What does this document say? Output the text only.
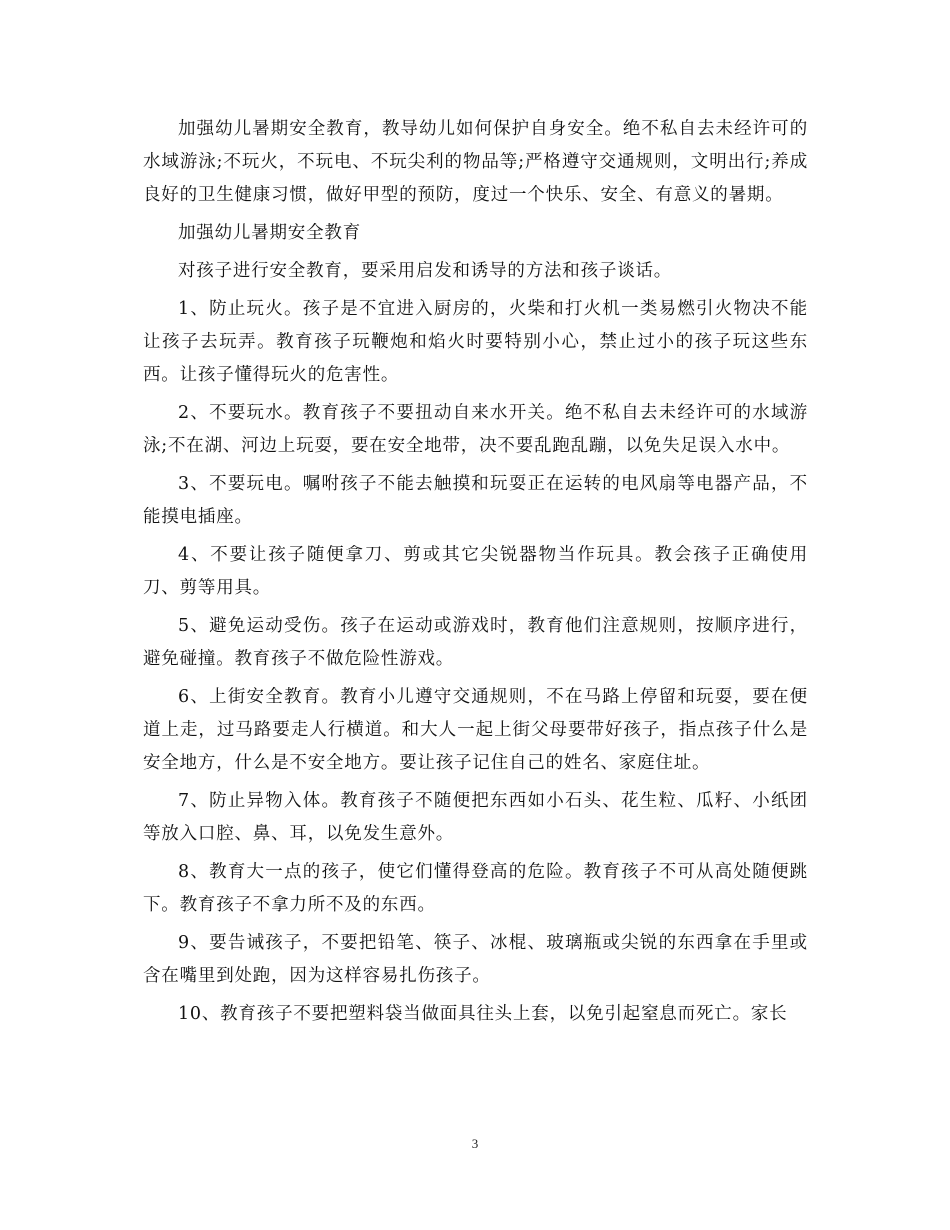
加强幼儿暑期安全教育，教导幼儿如何保护自身安全。绝不私自去未经许可的水域游泳;不玩火，不玩电、不玩尖利的物品等;严格遵守交通规则，文明出行;养成良好的卫生健康习惯，做好甲型的预防，度过一个快乐、安全、有意义的暑期。

加强幼儿暑期安全教育

对孩子进行安全教育，要采用启发和诱导的方法和孩子谈话。

1、防止玩火。孩子是不宜进入厨房的，火柴和打火机一类易燃引火物决不能让孩子去玩弄。教育孩子玩鞭炮和焰火时要特别小心，禁止过小的孩子玩这些东西。让孩子懂得玩火的危害性。

2、不要玩水。教育孩子不要扭动自来水开关。绝不私自去未经许可的水域游泳;不在湖、河边上玩耍，要在安全地带，决不要乱跑乱蹦，以免失足误入水中。

3、不要玩电。嘱咐孩子不能去触摸和玩耍正在运转的电风扇等电器产品，不能摸电插座。

4、不要让孩子随便拿刀、剪或其它尖锐器物当作玩具。教会孩子正确使用刀、剪等用具。

5、避免运动受伤。孩子在运动或游戏时，教育他们注意规则，按顺序进行，避免碰撞。教育孩子不做危险性游戏。

6、上街安全教育。教育小儿遵守交通规则，不在马路上停留和玩耍，要在便道上走，过马路要走人行横道。和大人一起上街父母要带好孩子，指点孩子什么是安全地方，什么是不安全地方。要让孩子记住自己的姓名、家庭住址。

7、防止异物入体。教育孩子不随便把东西如小石头、花生粒、瓜籽、小纸团等放入口腔、鼻、耳，以免发生意外。

8、教育大一点的孩子，使它们懂得登高的危险。教育孩子不可从高处随便跳下。教育孩子不拿力所不及的东西。

9、要告诫孩子，不要把铅笔、筷子、冰棍、玻璃瓶或尖锐的东西拿在手里或含在嘴里到处跑，因为这样容易扎伤孩子。

10、教育孩子不要把塑料袋当做面具往头上套，以免引起窒息而死亡。家长

3
